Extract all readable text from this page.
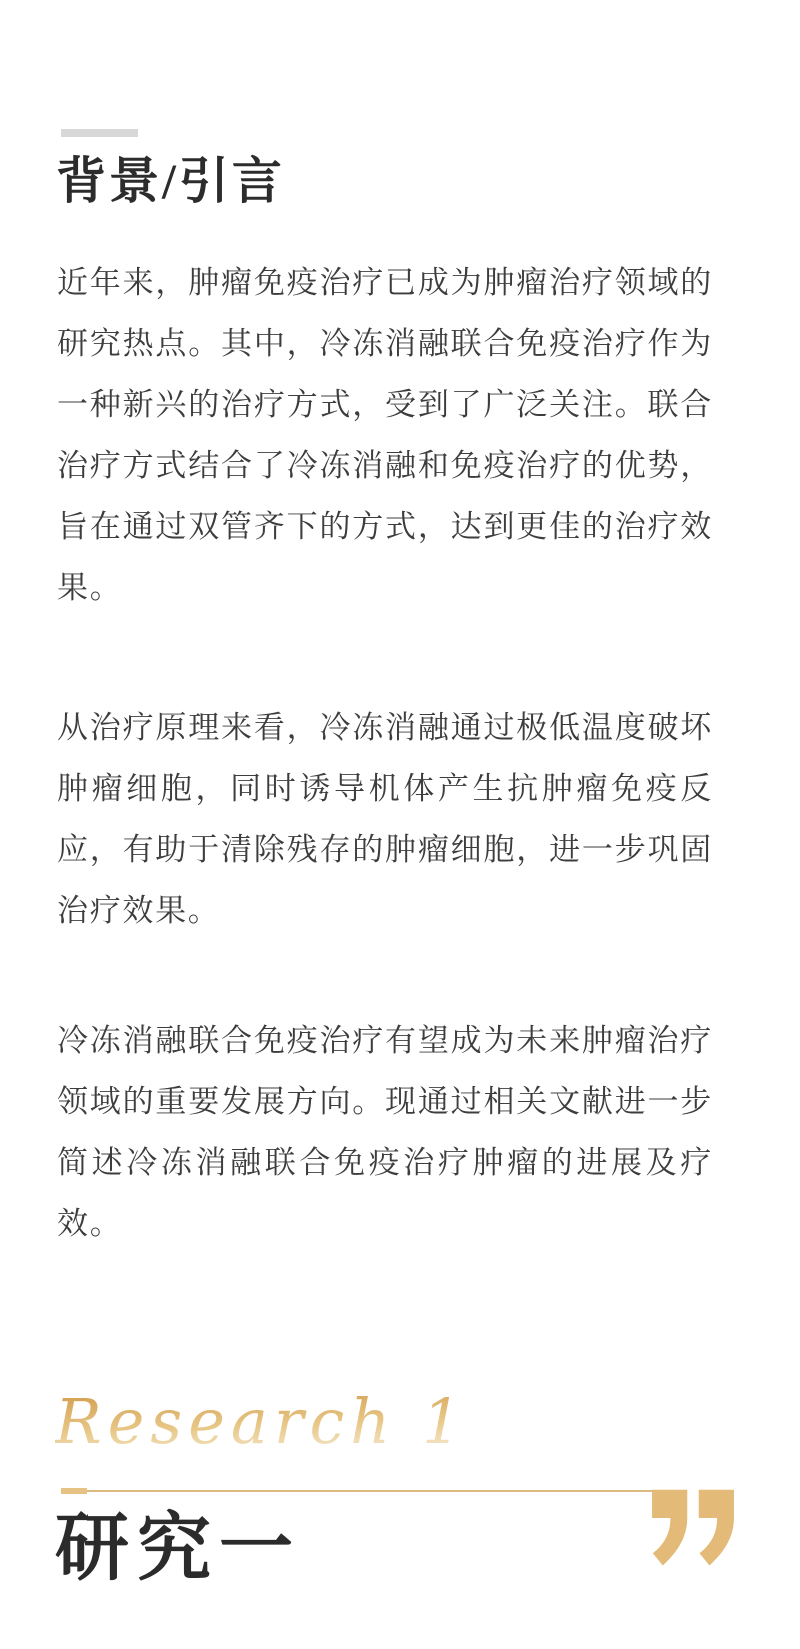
背景/引言

近年来，肿瘤免疫治疗已成为肿瘤治疗领域的研究热点。其中，冷冻消融联合免疫治疗作为一种新兴的治疗方式，受到了广泛关注。联合治疗方式结合了冷冻消融和免疫治疗的优势，旨在通过双管齐下的方式，达到更佳的治疗效果。

从治疗原理来看，冷冻消融通过极低温度破坏肿瘤细胞，同时诱导机体产生抗肿瘤免疫反应，有助于清除残存的肿瘤细胞，进一步巩固治疗效果。

冷冻消融联合免疫治疗有望成为未来肿瘤治疗领域的重要发展方向。现通过相关文献进一步简述冷冻消融联合免疫治疗肿瘤的进展及疗效。

Research 1
研究一
